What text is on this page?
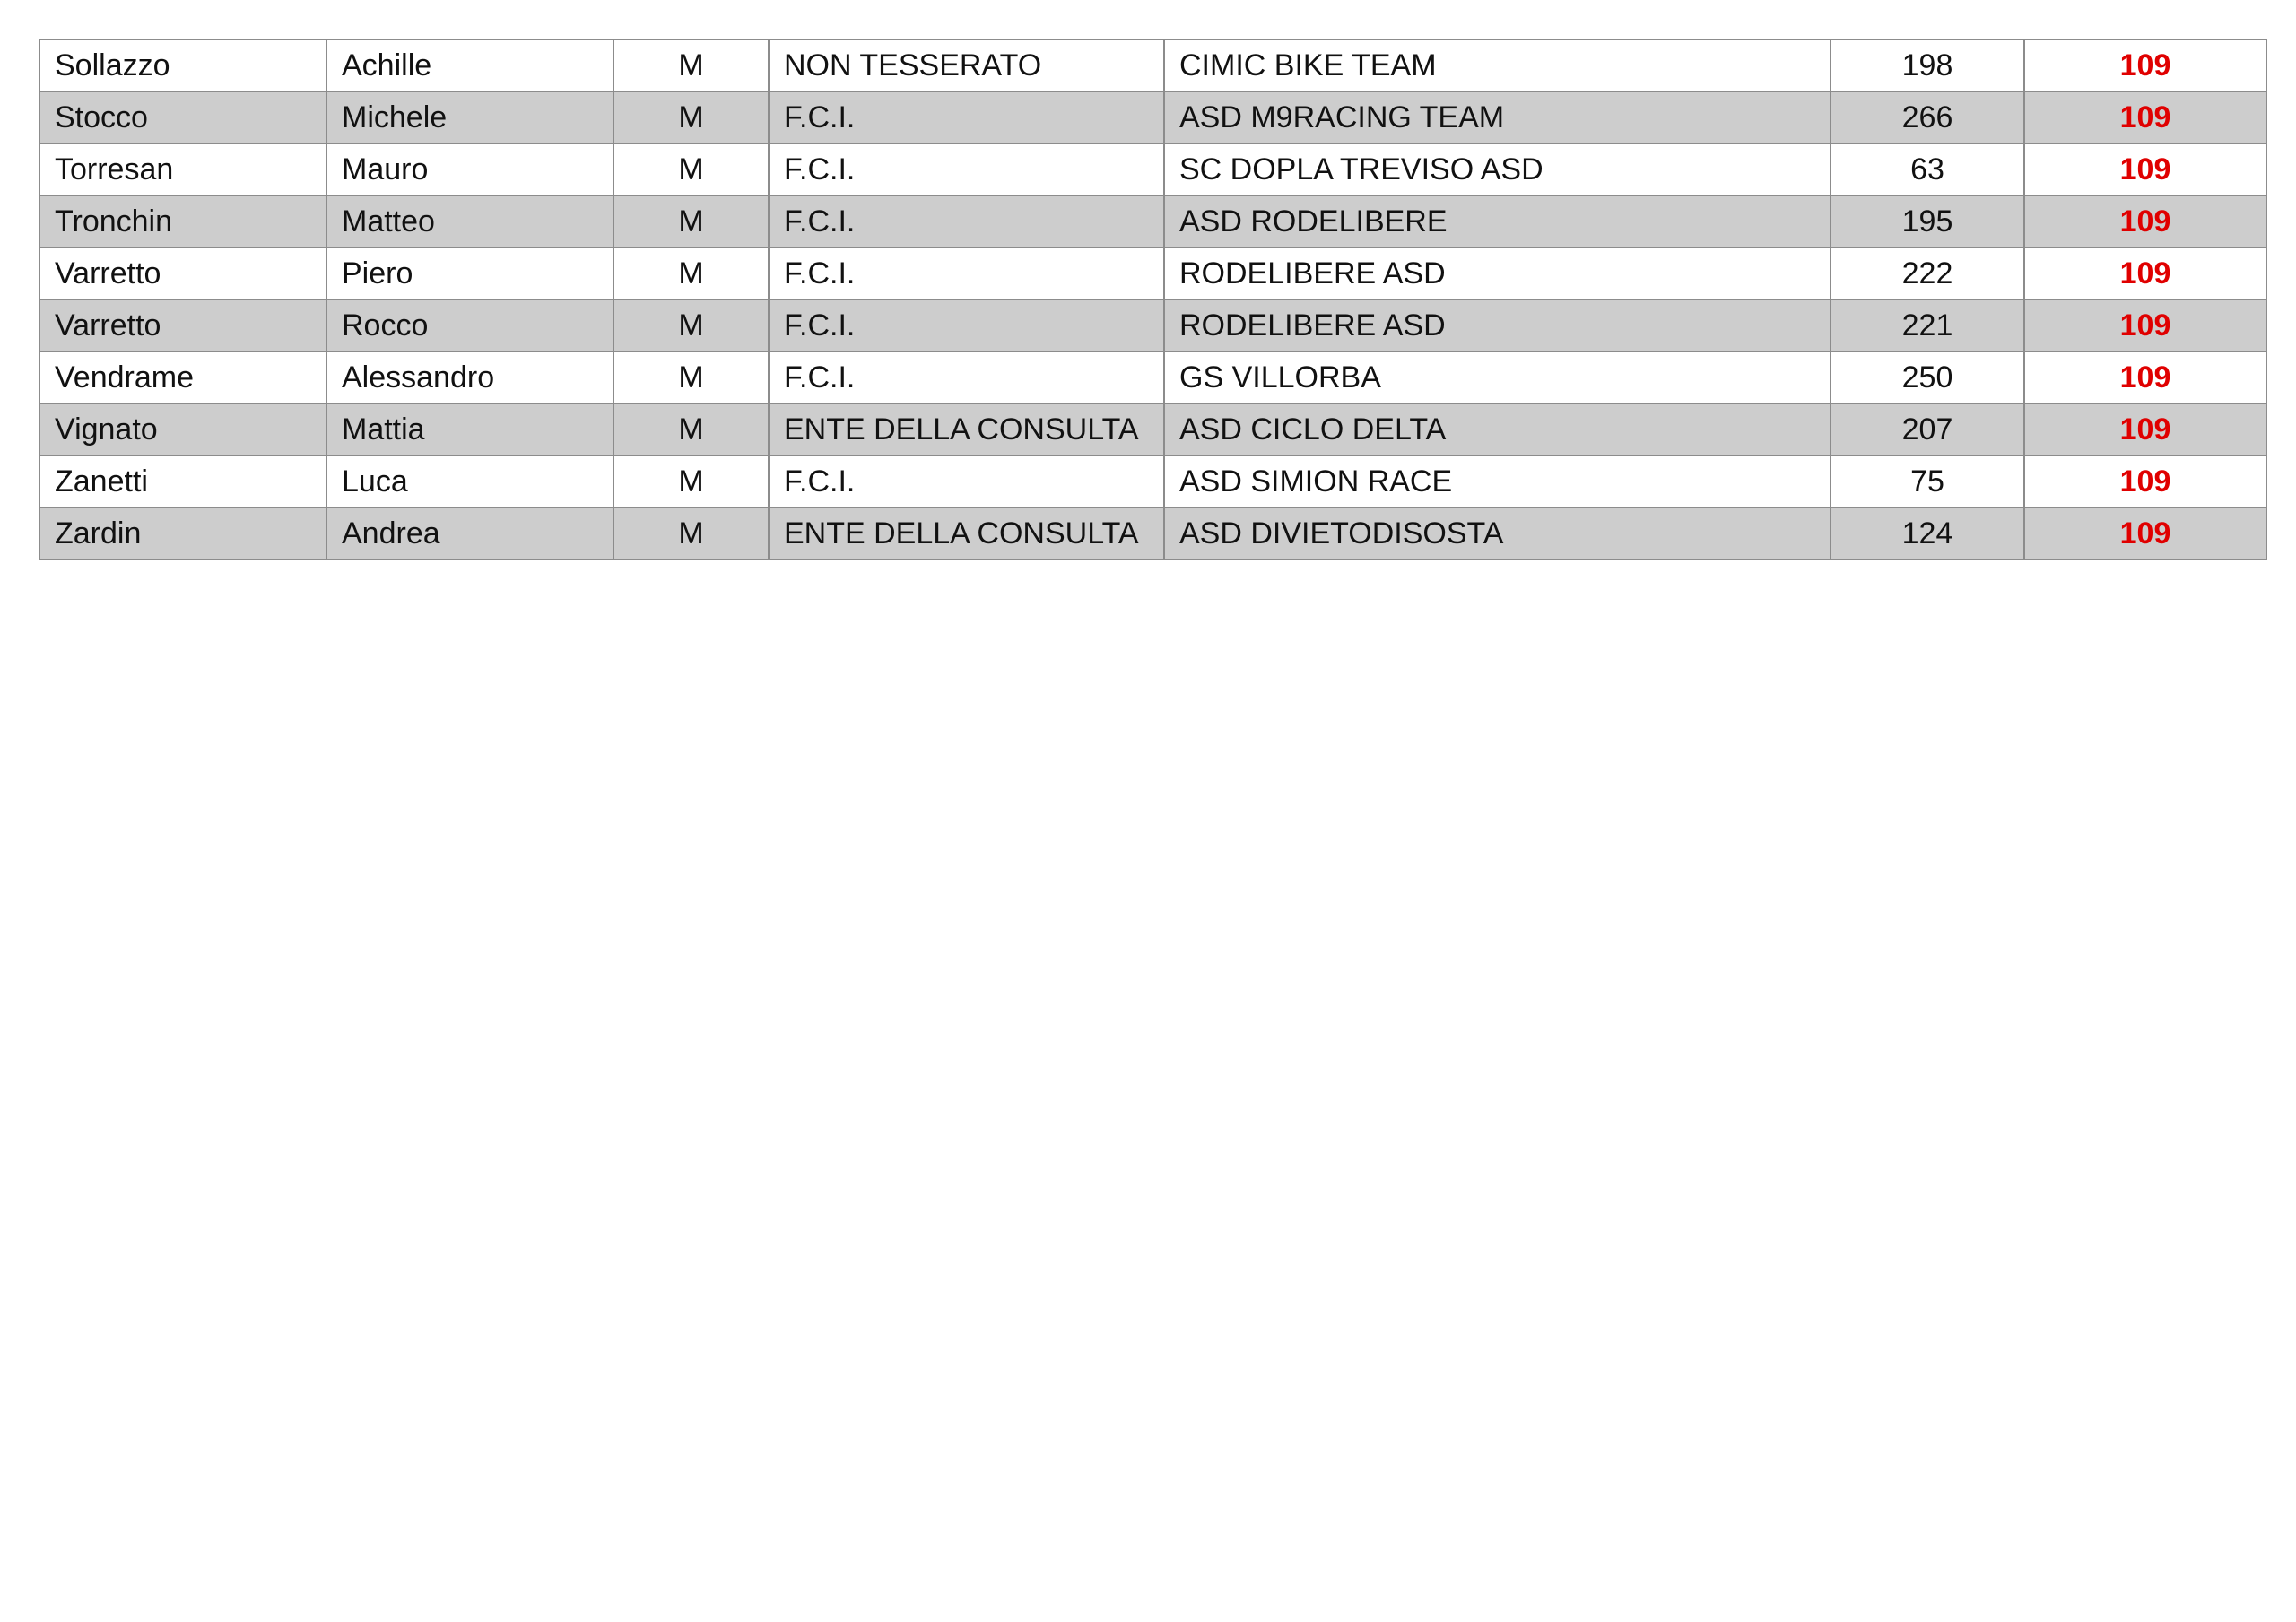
Sollazzo	Achille	M	NON TESSERATO	CIMIC BIKE TEAM	198	109
Stocco	Michele	M	F.C.I.	ASD M9RACING TEAM	266	109
Torresan	Mauro	M	F.C.I.	SC DOPLA TREVISO ASD	63	109
Tronchin	Matteo	M	F.C.I.	ASD RODELIBERE	195	109
Varretto	Piero	M	F.C.I.	RODELIBERE ASD	222	109
Varretto	Rocco	M	F.C.I.	RODELIBERE ASD	221	109
Vendrame	Alessandro	M	F.C.I.	GS VILLORBA	250	109
Vignato	Mattia	M	ENTE DELLA CONSULTA	ASD CICLO DELTA	207	109
Zanetti	Luca	M	F.C.I.	ASD SIMION RACE	75	109
Zardin	Andrea	M	ENTE DELLA CONSULTA	ASD DIVIETODISOSTA	124	109
